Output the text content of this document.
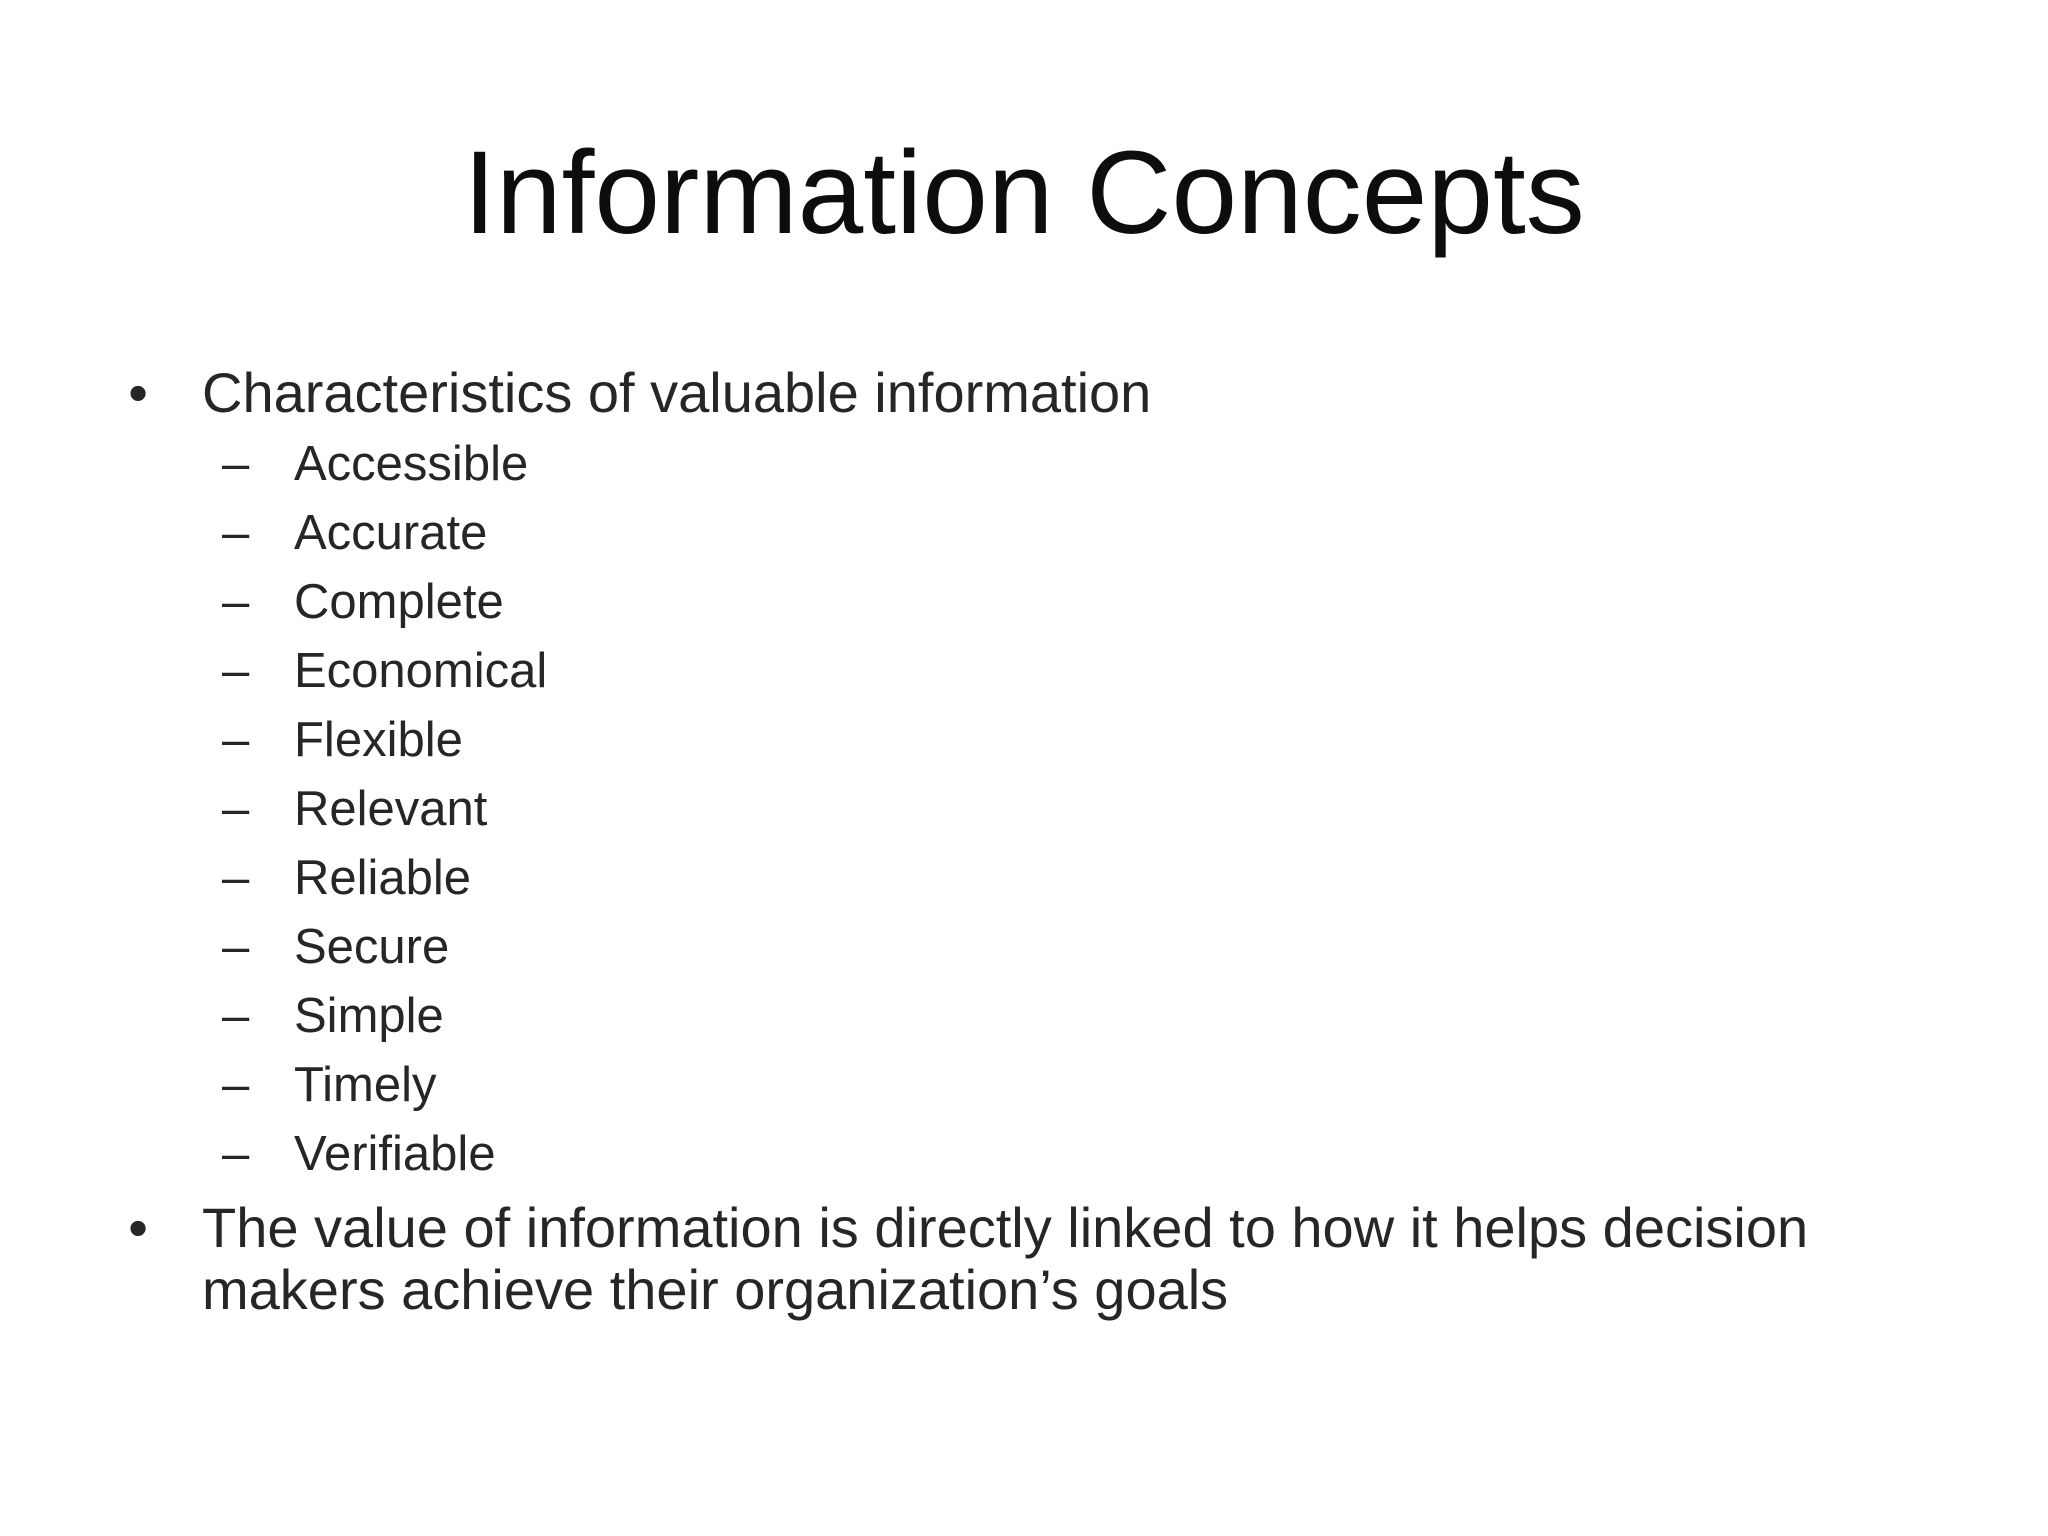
Information Concepts
• Characteristics of valuable information
– Accessible
– Accurate
– Complete
– Economical
– Flexible
– Relevant
– Reliable
– Secure
– Simple
– Timely
– Verifiable
• The value of information is directly linked to how it helps decision makers achieve their organization’s goals
